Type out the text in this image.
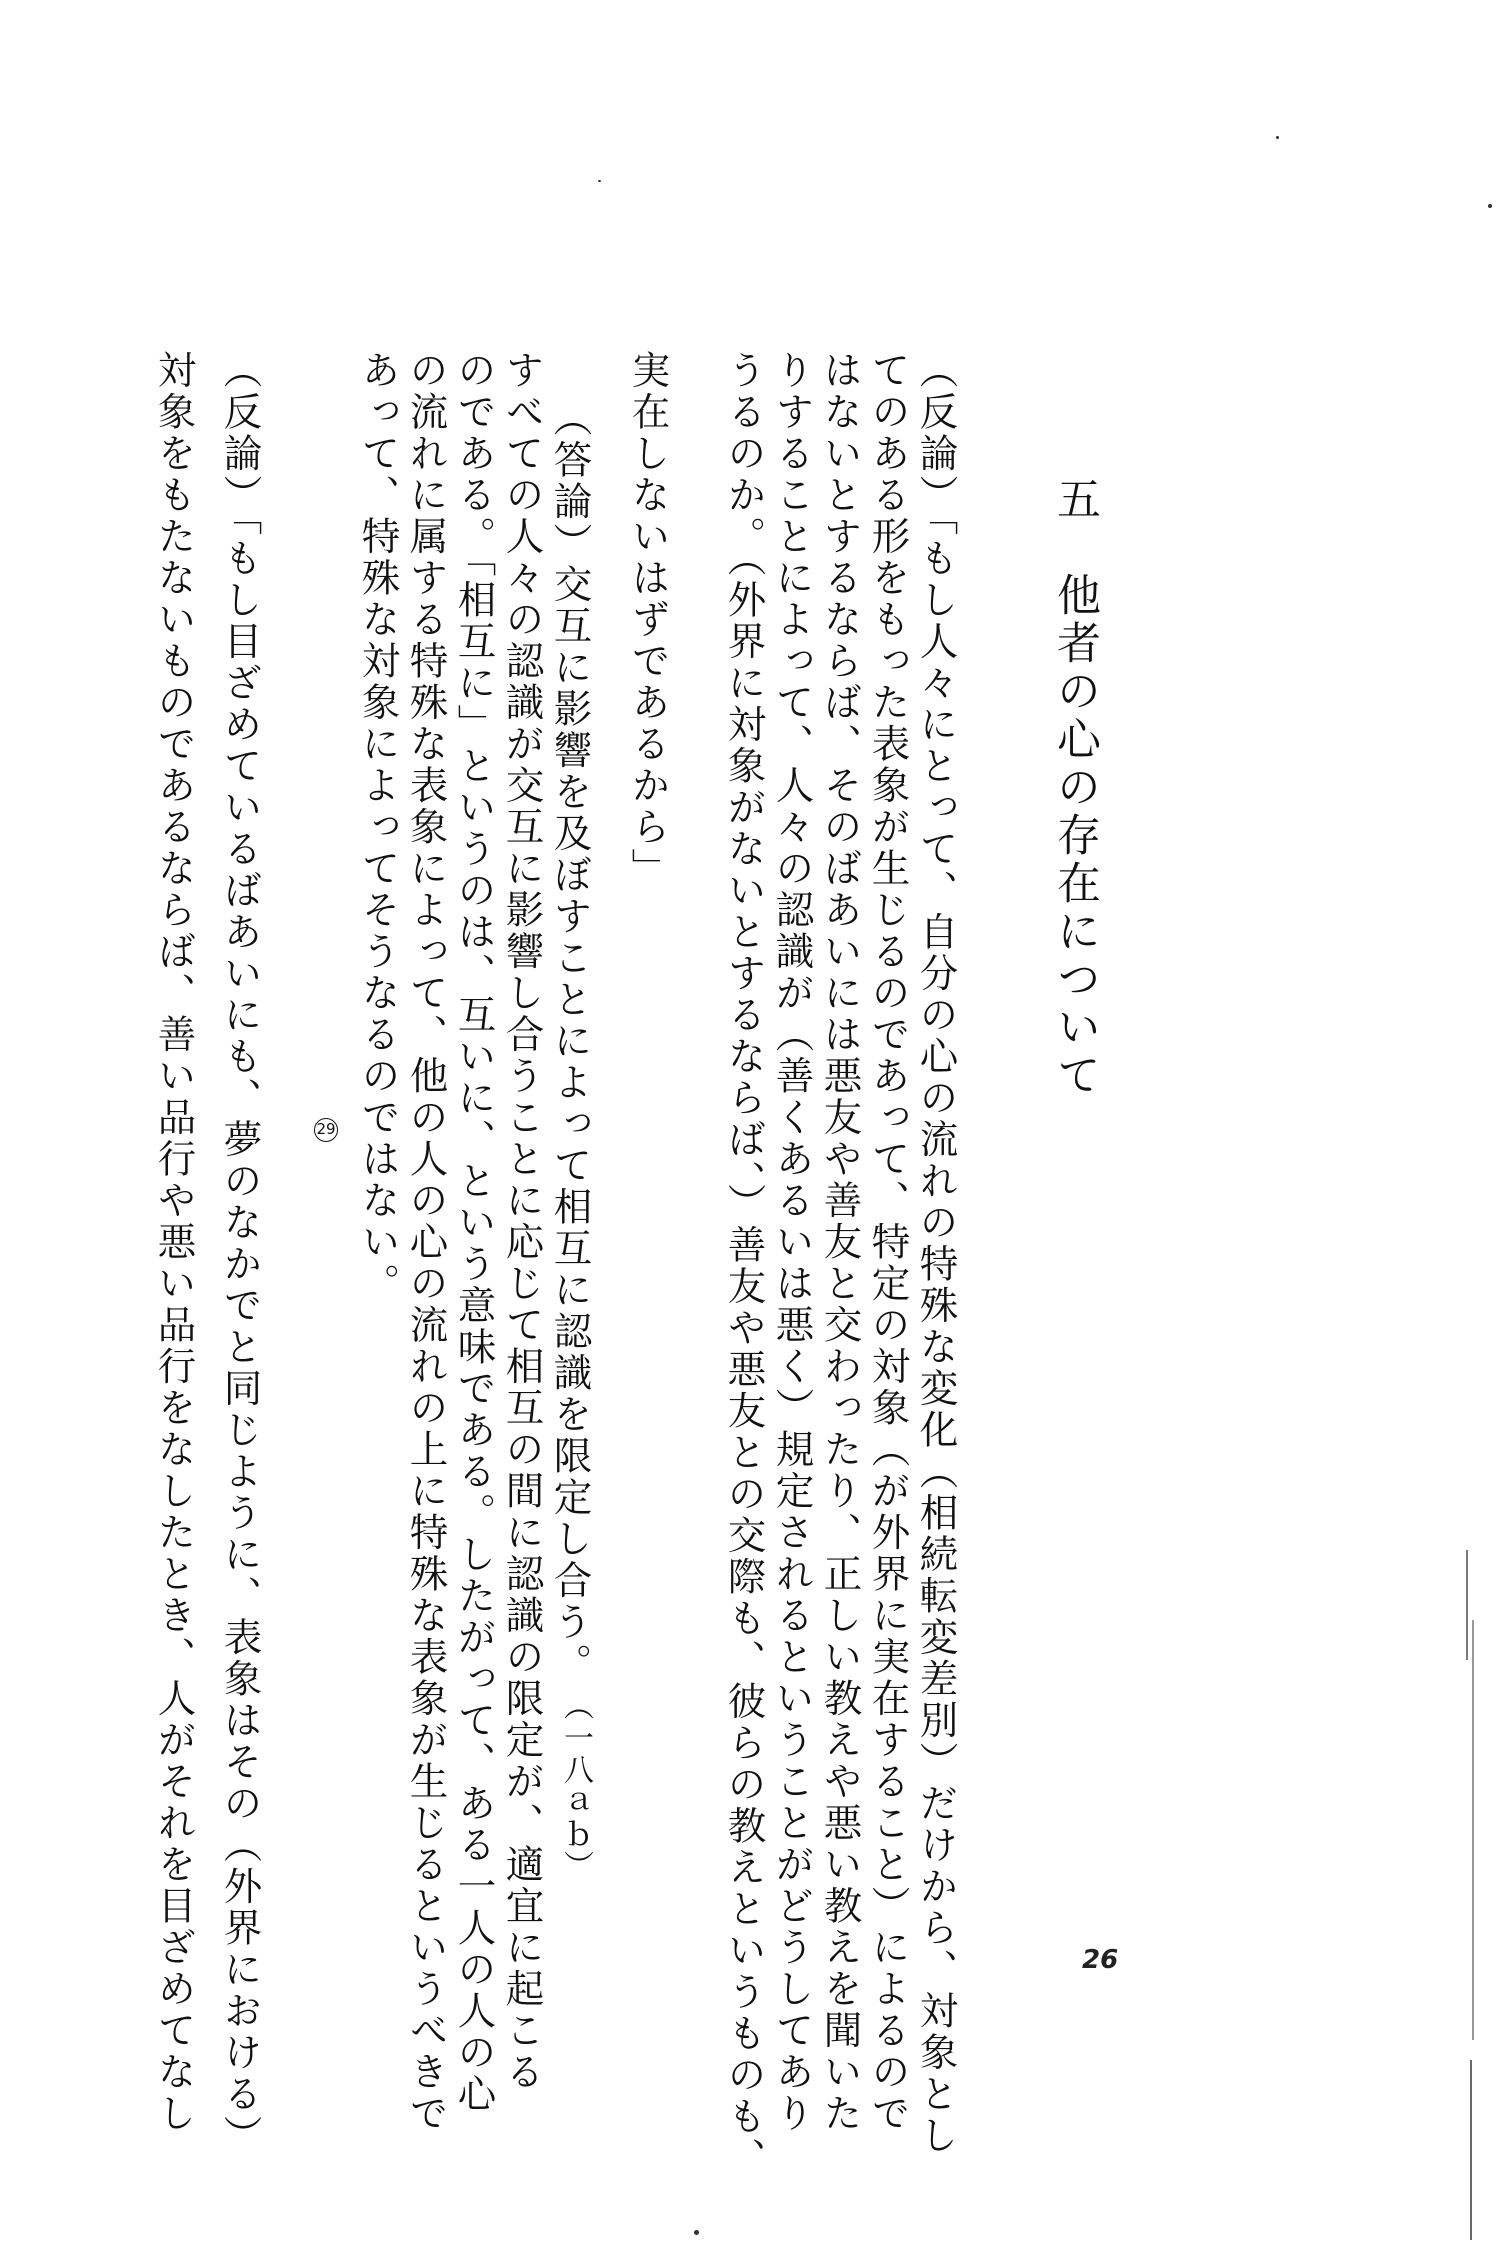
五　他者の心の存在について
（反論）「もし人々にとって、自分の心の流れの特殊な変化（相続転変差別）だけから、対象とし
てのある形をもった表象が生じるのであって、特定の対象（が外界に実在すること）によるので
はないとするならば、そのばあいには悪友や善友と交わったり、正しい教えや悪い教えを聞いた
りすることによって、人々の認識が（善くあるいは悪く）規定されるということがどうしてあり
うるのか。（外界に対象がないとするならば、）善友や悪友との交際も、彼らの教えというものも、
実在しないはずであるから」
（答論）交互に影響を及ぼすことによって相互に認識を限定し合う。
すべての人々の認識が交互に影響し合うことに応じて相互の間に認識の限定が、適宜に起こる
のである。「相互に」というのは、互いに、という意味である。したがって、ある一人の人の心
の流れに属する特殊な表象によって、他の人の心の流れの上に特殊な表象が生じるというべきで
あって、特殊な対象によってそうなるのではない。
（反論）「もし目ざめているばあいにも、夢のなかでと同じように、表象はその（外界における）
対象をもたないものであるならば、善い品行や悪い品行をなしたとき、人がそれを目ざめてなし	（一八ａｂ）
29
26
